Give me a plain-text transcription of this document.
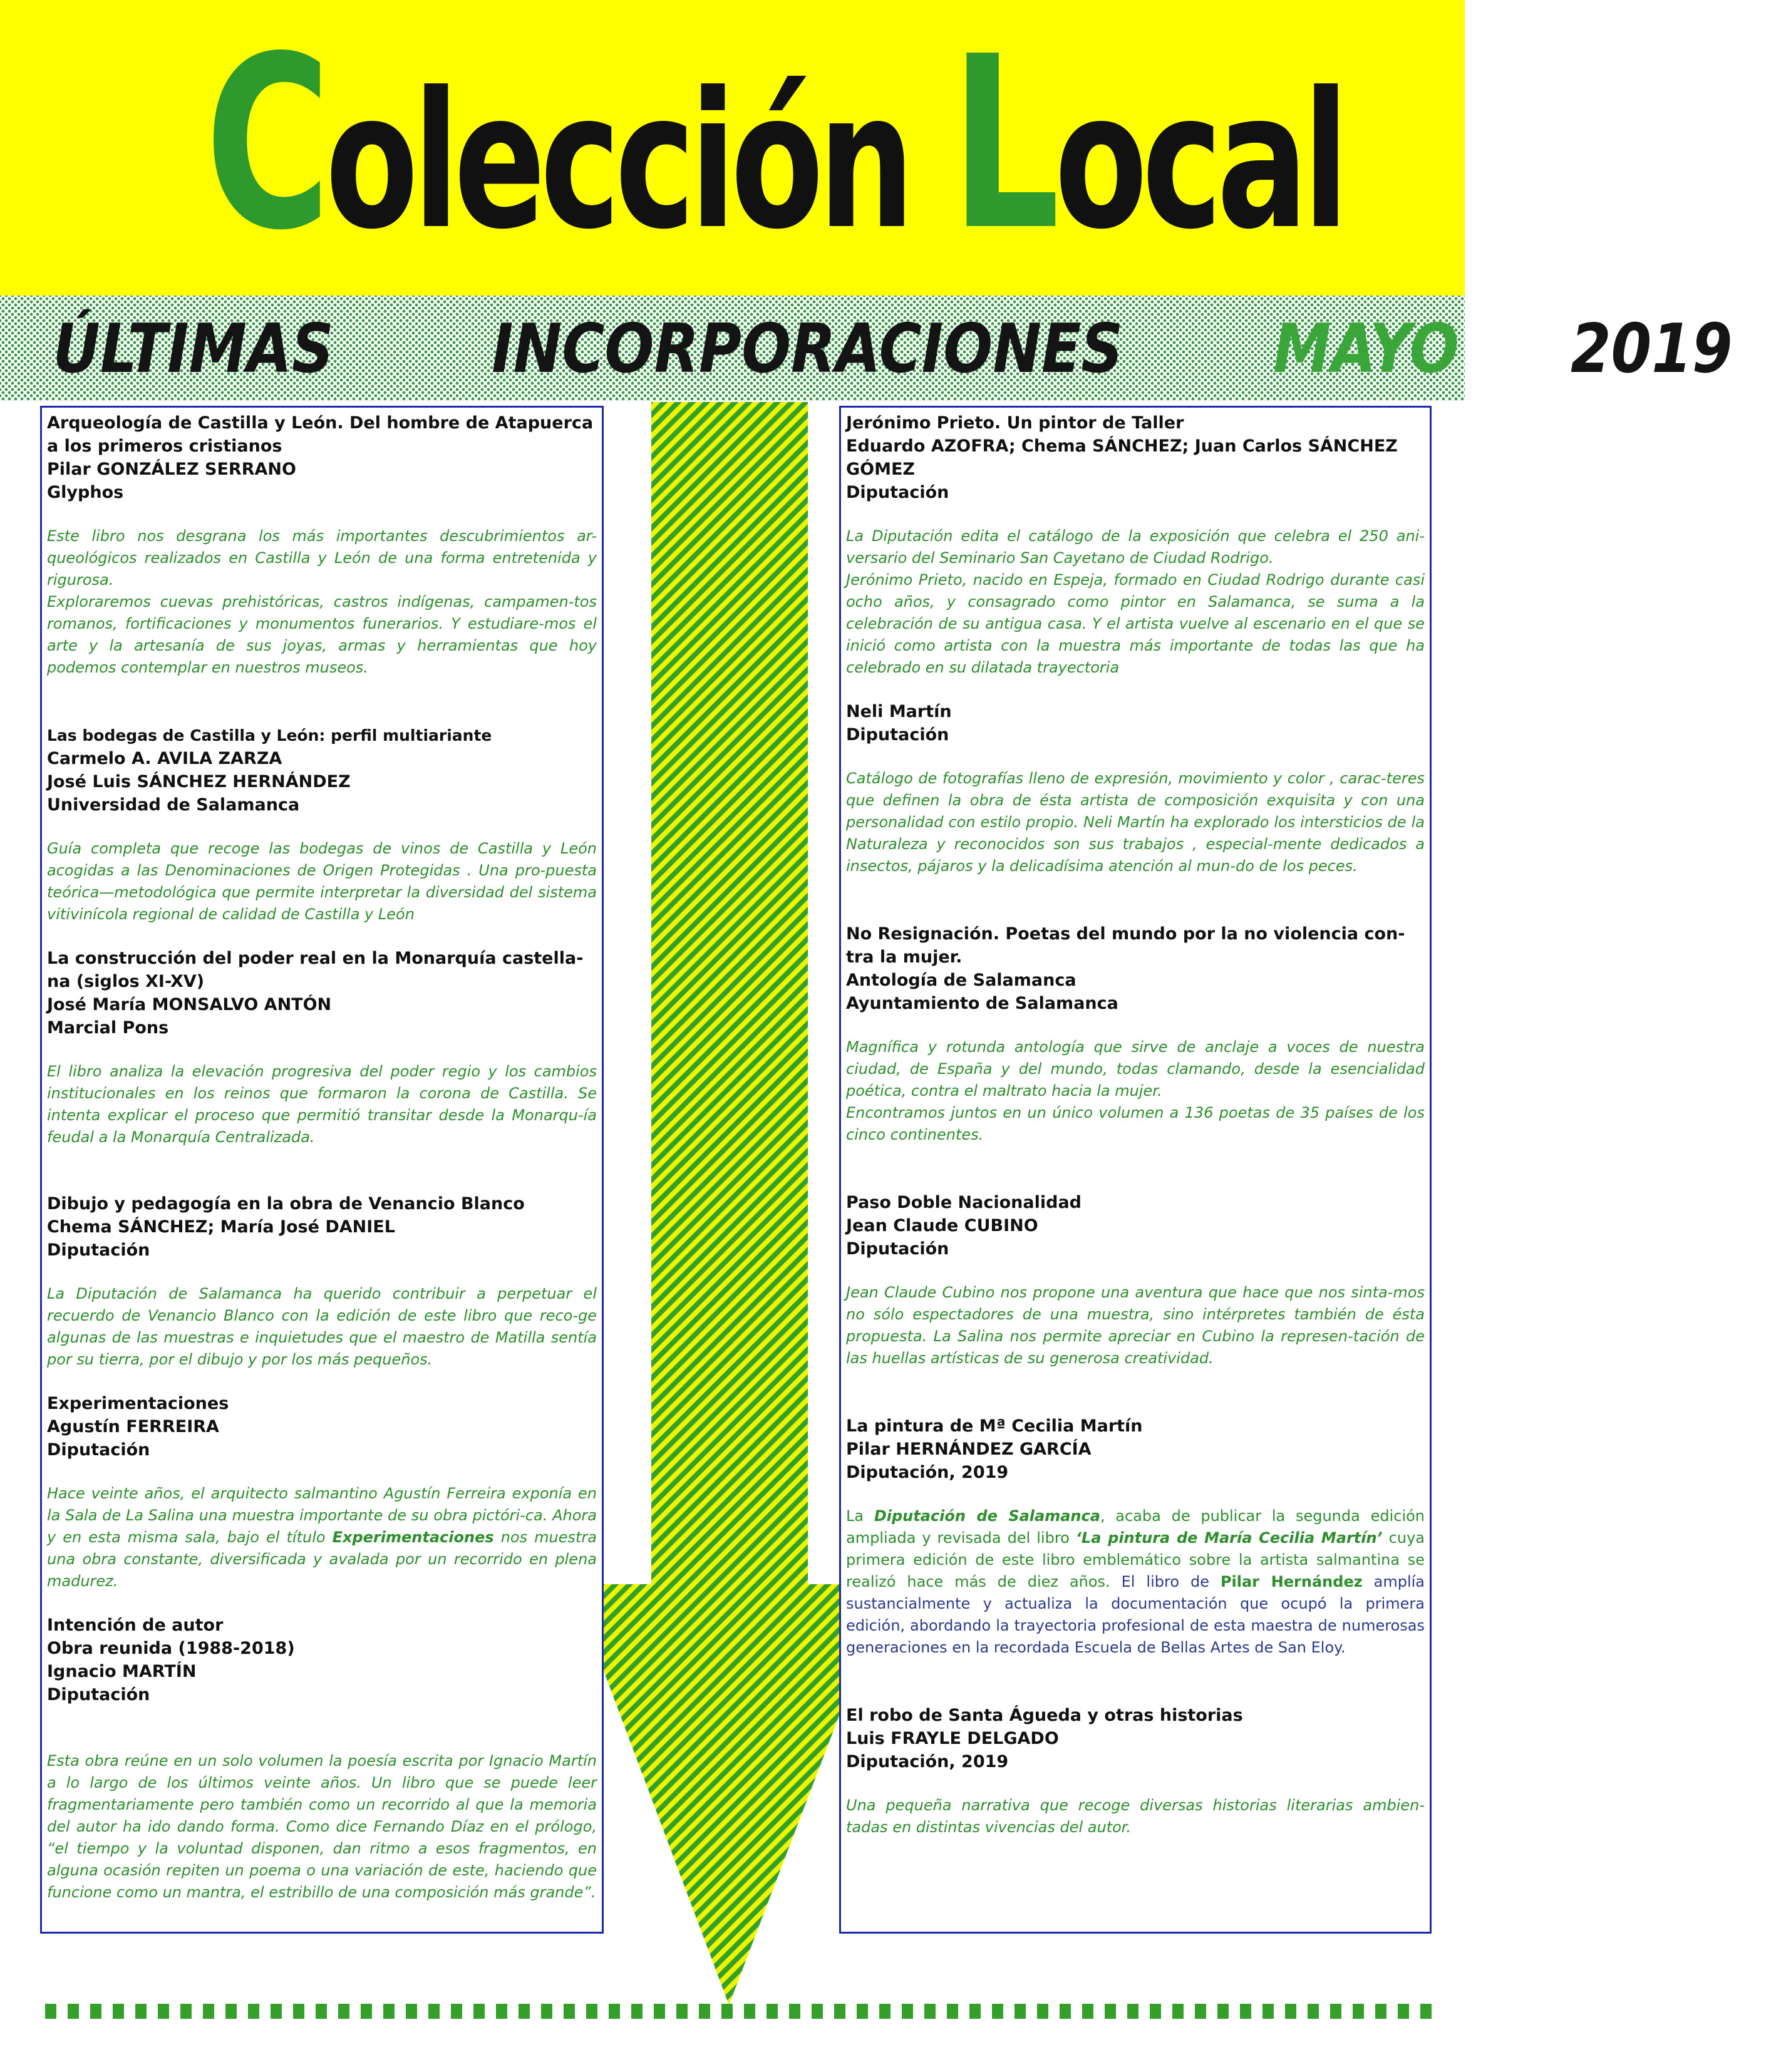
Colección Local
ÚLTIMAS INCORPORACIONES MAYO 2019
Arqueología de Castilla y León. Del hombre de Atapuerca a los primeros cristianos
Pilar GONZÁLEZ SERRANO
Glyphos
Este libro nos desgrana los más importantes descubrimientos ar-queológicos realizados en Castilla y León de una forma entretenida y rigurosa.
Exploraremos cuevas prehistóricas, castros indígenas, campamen-tos romanos, fortificaciones y monumentos funerarios. Y estudiare-mos el arte y la artesanía de sus joyas, armas y herramientas que hoy podemos contemplar en nuestros museos.
Las bodegas de Castilla y León: perfil multiariante
Carmelo A. AVILA ZARZA
José Luis SÁNCHEZ HERNÁNDEZ
Universidad de Salamanca
Guía completa que recoge las bodegas de vinos de Castilla y León acogidas a las Denominaciones de Origen Protegidas . Una pro-puesta teórica—metodológica que permite interpretar la diversidad del sistema vitivinícola regional de calidad de Castilla y León
La construcción del poder real en la Monarquía castella-na (siglos XI-XV)
José María MONSALVO ANTÓN
Marcial Pons
El libro analiza la elevación progresiva del poder regio y los cambios institucionales en los reinos que formaron la corona de Castilla. Se intenta explicar el proceso que permitió transitar desde la Monarqu-ía feudal a la Monarquía Centralizada.
Dibujo y pedagogía en la obra de Venancio Blanco
Chema SÁNCHEZ; María José DANIEL
Diputación
La Diputación de Salamanca ha querido contribuir a perpetuar el recuerdo de Venancio Blanco con la edición de este libro que reco-ge algunas de las muestras e inquietudes que el maestro de Matilla sentía por su tierra, por el dibujo y por los más pequeños.
Experimentaciones
Agustín FERREIRA
Diputación
Hace veinte años, el arquitecto salmantino Agustín Ferreira exponía en la Sala de La Salina una muestra importante de su obra pictóri-ca. Ahora y en esta misma sala, bajo el título Experimentaciones nos muestra una obra constante, diversificada y avalada por un recorrido en plena madurez.
Intención de autor
Obra reunida (1988-2018)
Ignacio MARTÍN
Diputación
Esta obra reúne en un solo volumen la poesía escrita por Ignacio Martín a lo largo de los últimos veinte años. Un libro que se puede leer fragmentariamente pero también como un recorrido al que la memoria del autor ha ido dando forma. Como dice Fernando Díaz en el prólogo, “el tiempo y la voluntad disponen, dan ritmo a esos fragmentos, en alguna ocasión repiten un poema o una variación de este, haciendo que funcione como un mantra, el estribillo de una composición más grande”.
Jerónimo Prieto. Un pintor de Taller
Eduardo AZOFRA; Chema SÁNCHEZ; Juan Carlos SÁNCHEZ GÓMEZ
Diputación
La Diputación edita el catálogo de la exposición que celebra el 250 ani-versario del Seminario San Cayetano de Ciudad Rodrigo.
Jerónimo Prieto, nacido en Espeja, formado en Ciudad Rodrigo durante casi ocho años, y consagrado como pintor en Salamanca, se suma a la celebración de su antigua casa. Y el artista vuelve al escenario en el que se inició como artista con la muestra más importante de todas las que ha celebrado en su dilatada trayectoria
Neli Martín
Diputación
Catálogo de fotografías lleno de expresión, movimiento y color , carac-teres que definen la obra de ésta artista de composición exquisita y con una personalidad con estilo propio. Neli Martín ha explorado los intersticios de la Naturaleza y reconocidos son sus trabajos , especial-mente dedicados a insectos, pájaros y la delicadísima atención al mun-do de los peces.
No Resignación. Poetas del mundo por la no violencia con-tra la mujer.
Antología de Salamanca
Ayuntamiento de Salamanca
Magnífica y rotunda antología que sirve de anclaje a voces de nuestra ciudad, de España y del mundo, todas clamando, desde la esencialidad poética, contra el maltrato hacia la mujer.
Encontramos juntos en un único volumen a 136 poetas de 35 países de los cinco continentes.
Paso Doble Nacionalidad
Jean Claude CUBINO
Diputación
Jean Claude Cubino nos propone una aventura que hace que nos sinta-mos no sólo espectadores de una muestra, sino intérpretes también de ésta propuesta. La Salina nos permite apreciar en Cubino la represen-tación de las huellas artísticas de su generosa creatividad.
La pintura de Mª Cecilia Martín
Pilar HERNÁNDEZ GARCÍA
Diputación, 2019
La Diputación de Salamanca, acaba de publicar la segunda edición ampliada y revisada del libro ‘La pintura de María Cecilia Martín’ cuya primera edición de este libro emblemático sobre la artista salmantina se realizó hace más de diez años. El libro de Pilar Hernández amplía sustancialmente y actualiza la documentación que ocupó la primera edición, abordando la trayectoria profesional de esta maestra de numerosas generaciones en la recordada Escuela de Bellas Artes de San Eloy.
El robo de Santa Águeda y otras historias
Luis FRAYLE DELGADO
Diputación, 2019
Una pequeña narrativa que recoge diversas historias literarias ambien-tadas en distintas vivencias del autor.
